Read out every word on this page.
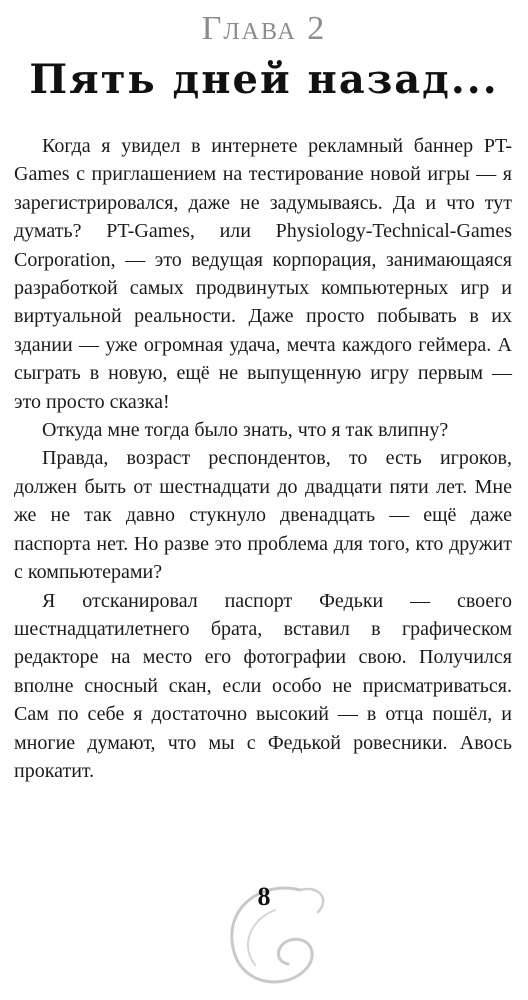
Глава 2
Пять дней назад...

Когда я увидел в интернете рекламный баннер PT-Games с приглашением на тестирование новой игры — я зарегистрировался, даже не задумываясь. Да и что тут думать? PT-Games, или Physiology-Technical-Games Corporation, — это ведущая корпорация, занимающаяся разработкой самых продвинутых компьютерных игр и виртуальной реальности. Даже просто побывать в их здании — уже огромная удача, мечта каждого геймера. А сыграть в новую, ещё не выпущенную игру первым — это просто сказка!

Откуда мне тогда было знать, что я так влипну?

Правда, возраст респондентов, то есть игроков, должен быть от шестнадцати до двадцати пяти лет. Мне же не так давно стукнуло двенадцать — ещё даже паспорта нет. Но разве это проблема для того, кто дружит с компьютерами?

Я отсканировал паспорт Федьки — своего шестнадцатилетнего брата, вставил в графическом редакторе на место его фотографии свою. Получился вполне сносный скан, если особо не присматриваться. Сам по себе я достаточно высокий — в отца пошёл, и многие думают, что мы с Федькой ровесники. Авось прокатит.

8
